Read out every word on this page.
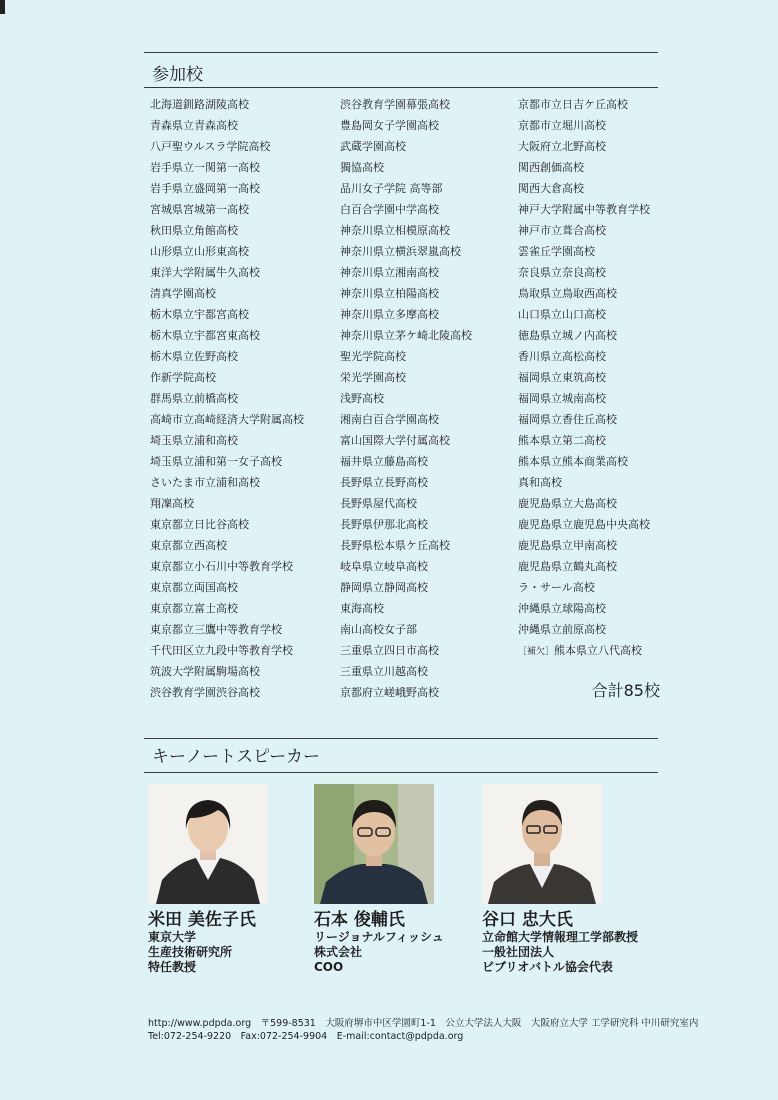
参加校
北海道釧路湖陵高校
青森県立青森高校
八戸聖ウルスラ学院高校
岩手県立一関第一高校
岩手県立盛岡第一高校
宮城県宮城第一高校
秋田県立角館高校
山形県立山形東高校
東洋大学附属牛久高校
清真学園高校
栃木県立宇都宮高校
栃木県立宇都宮東高校
栃木県立佐野高校
作新学院高校
群馬県立前橋高校
高崎市立高崎経済大学附属高校
埼玉県立浦和高校
埼玉県立浦和第一女子高校
さいたま市立浦和高校
翔凜高校
東京都立日比谷高校
東京都立西高校
東京都立小石川中等教育学校
東京都立両国高校
東京都立富士高校
東京都立三鷹中等教育学校
千代田区立九段中等教育学校
筑波大学附属駒場高校
渋谷教育学園渋谷高校
渋谷教育学園幕張高校
豊島岡女子学園高校
武蔵学園高校
獨協高校
品川女子学院 高等部
白百合学園中学高校
神奈川県立相模原高校
神奈川県立横浜翠嵐高校
神奈川県立湘南高校
神奈川県立柏陽高校
神奈川県立多摩高校
神奈川県立茅ケ崎北陵高校
聖光学院高校
栄光学園高校
浅野高校
湘南白百合学園高校
富山国際大学付属高校
福井県立藤島高校
長野県立長野高校
長野県屋代高校
長野県伊那北高校
長野県松本県ケ丘高校
岐阜県立岐阜高校
静岡県立静岡高校
東海高校
南山高校女子部
三重県立四日市高校
三重県立川越高校
京都府立嵯峨野高校
京都市立日吉ケ丘高校
京都市立堀川高校
大阪府立北野高校
関西創価高校
関西大倉高校
神戸大学附属中等教育学校
神戸市立葺合高校
雲雀丘学園高校
奈良県立奈良高校
鳥取県立鳥取西高校
山口県立山口高校
徳島県立城ノ内高校
香川県立高松高校
福岡県立東筑高校
福岡県立城南高校
福岡県立香住丘高校
熊本県立第二高校
熊本県立熊本商業高校
真和高校
鹿児島県立大島高校
鹿児島県立鹿児島中央高校
鹿児島県立甲南高校
鹿児島県立鶴丸高校
ラ・サール高校
沖縄県立球陽高校
沖縄県立前原高校
［補欠］熊本県立八代高校
合計85校
キーノートスピーカー
米田 美佐子氏
東京大学
生産技術研究所
特任教授
石本 俊輔氏
リージョナルフィッシュ
株式会社
COO
谷口 忠大氏
立命館大学情報理工学部教授
一般社団法人
ビブリオバトル協会代表
http://www.pdpda.org　〒599-8531　大阪府堺市中区学園町1-1　公立大学法人大阪　大阪府立大学 工学研究科 中川研究室内
Tel:072-254-9220　Fax:072-254-9904　E-mail:contact@pdpda.org
